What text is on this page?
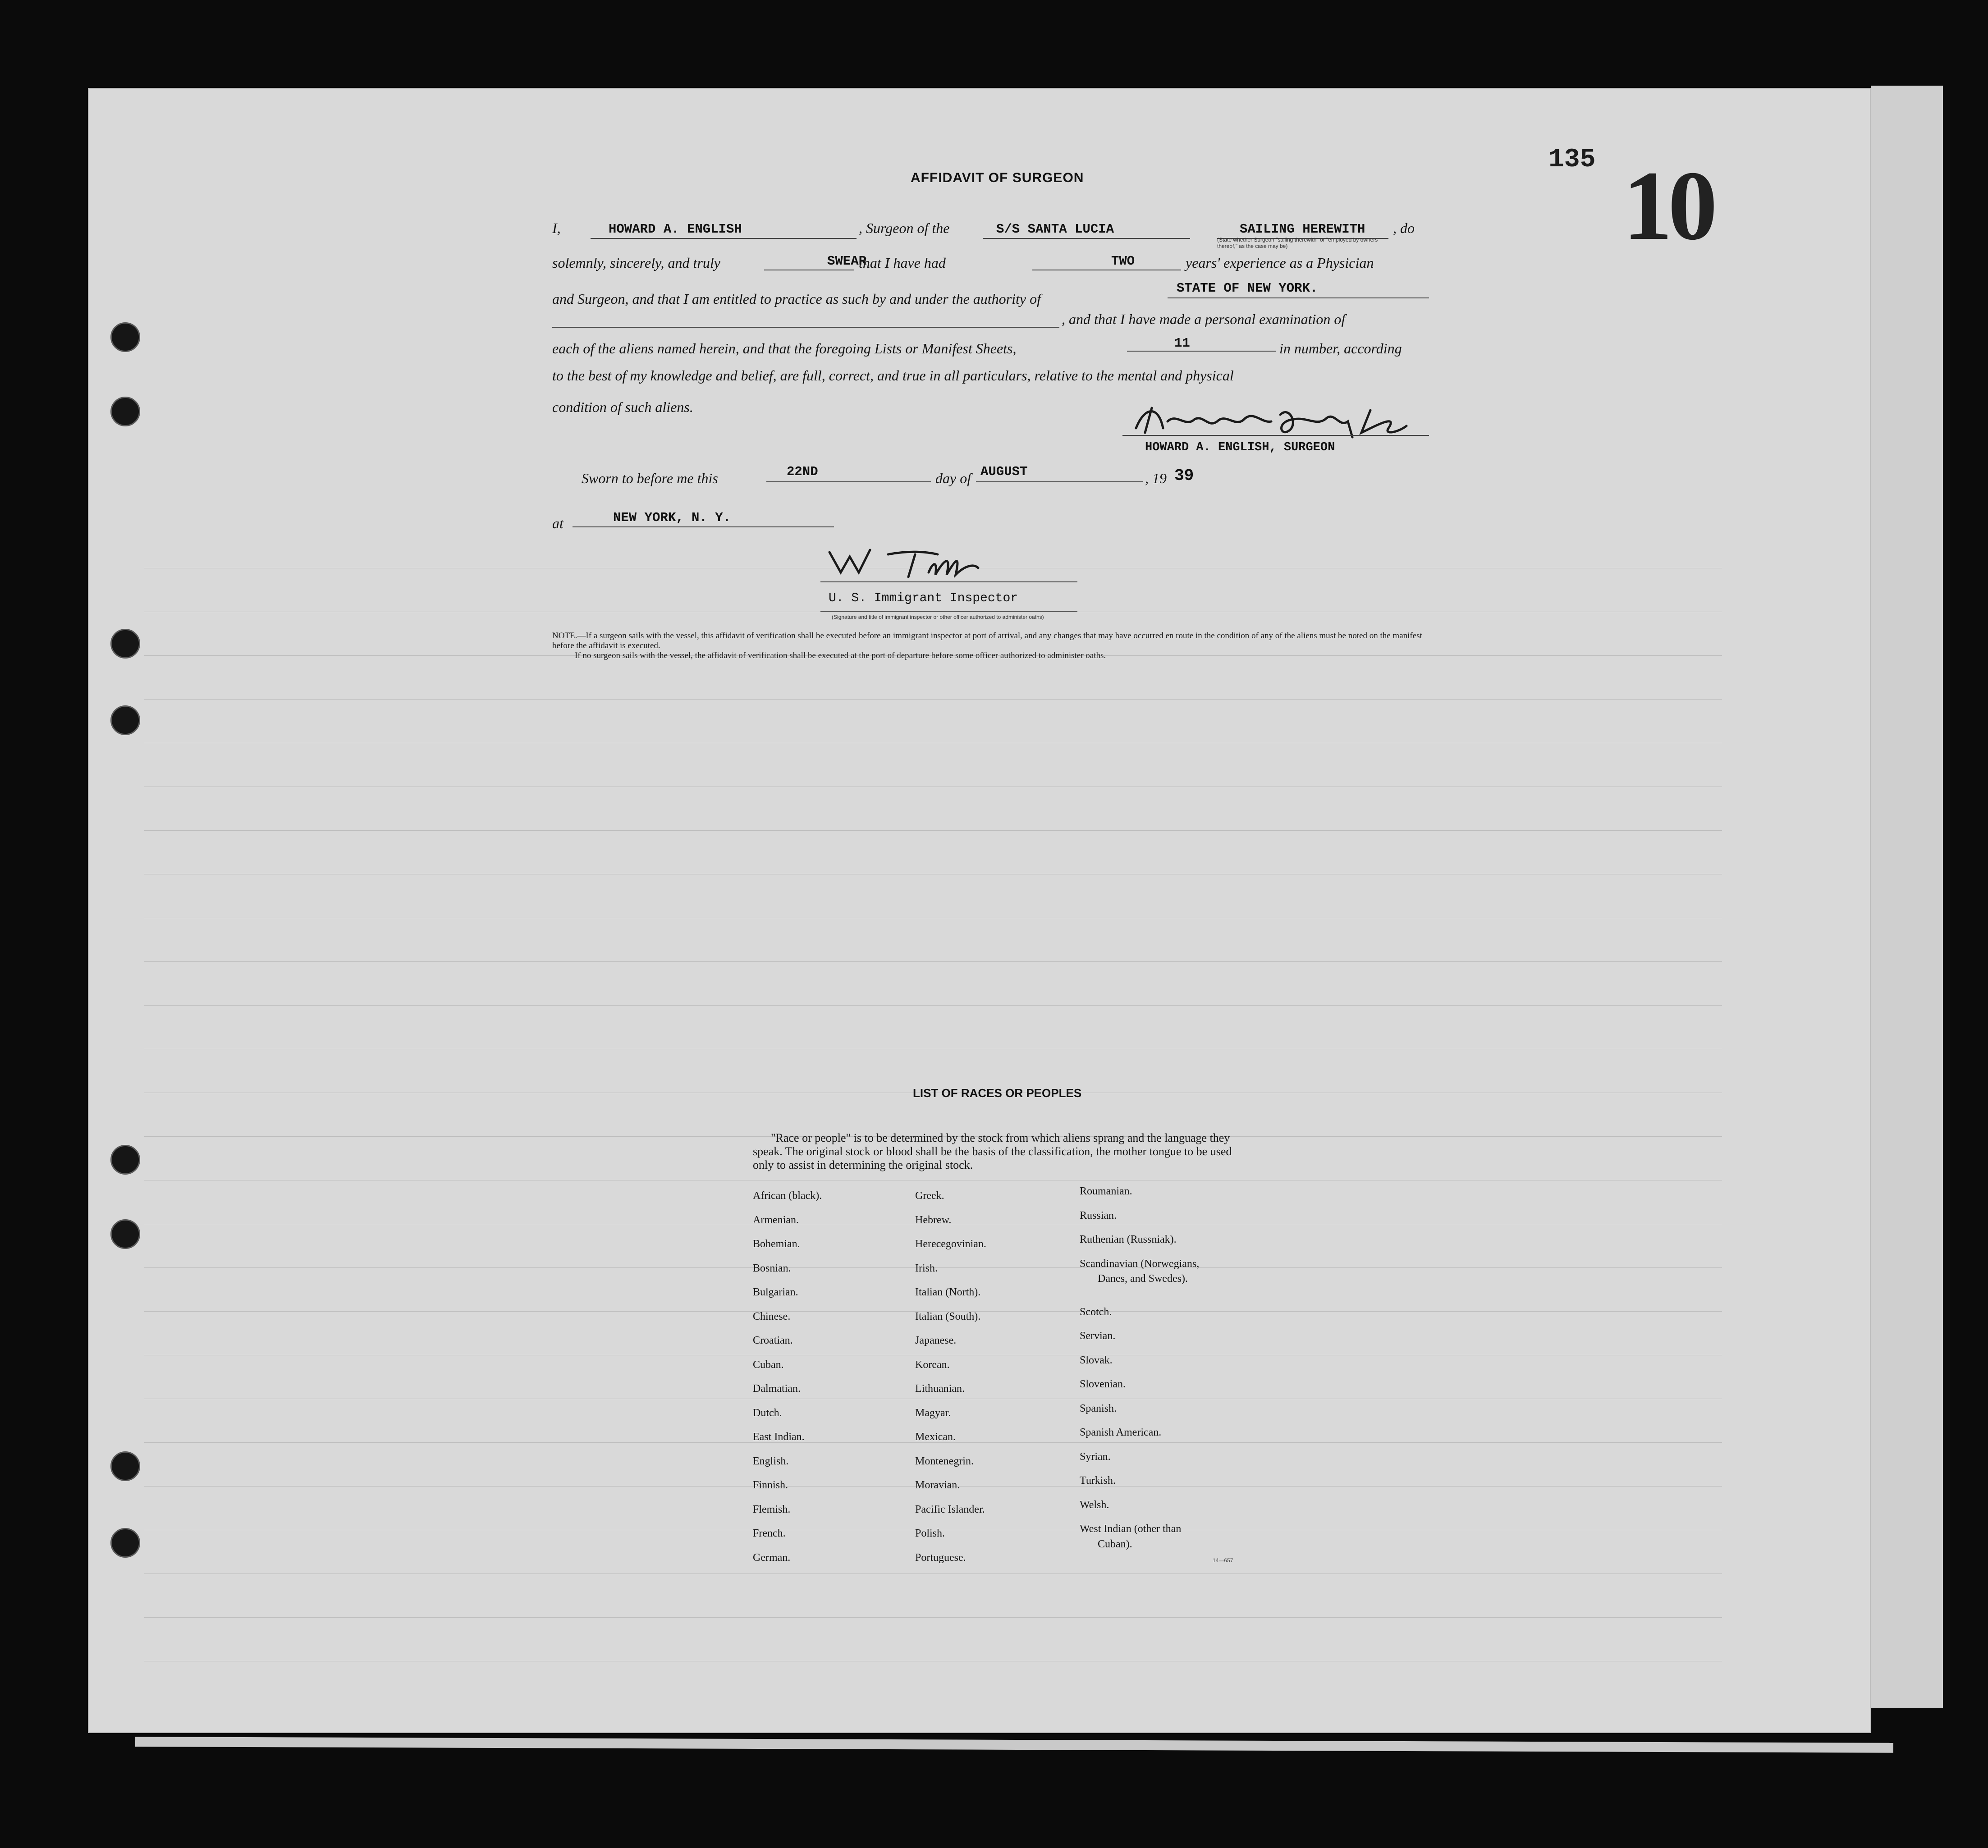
135 10
AFFIDAVIT OF SURGEON
I,	HOWARD A. ENGLISH	, Surgeon of the	S/S SANTA LUCIA	SAILING HEREWITH , do
(State whether Surgeon "sailing therewith" or "employed by owners thereof," as the case may be)
solemnly, sincerely, and truly	SWEAR
that I have had	TWO	years' experience as a Physician
and Surgeon, and that I am entitled to practice as such by and under the authority of
STATE OF NEW YORK.
, and that I have made a personal examination of
each of the aliens named herein, and that the foregoing Lists or Manifest Sheets,	11	in number, according
to the best of my knowledge and belief, are full, correct, and true in all particulars, relative to the mental and physical
condition of such aliens.
HOWARD A. ENGLISH, SURGEON
Sworn to before me this	22ND	day of AUGUST	, 19 39
at	NEW YORK, N. Y.
U. S. Immigrant Inspector
(Signature and title of immigrant inspector or other officer authorized to administer oaths)
NOTE.—If a surgeon sails with the vessel, this affidavit of verification shall be executed before an immigrant inspector at port of arrival, and any changes that may have occurred en route in the condition of any of the aliens must be noted on the manifest before the affidavit is executed.
If no surgeon sails with the vessel, the affidavit of verification shall be executed at the port of departure before some officer authorized to administer oaths.
LIST OF RACES OR PEOPLES
"Race or people" is to be determined by the stock from which aliens sprang and the language they speak. The original stock or blood shall be the basis of the classification, the mother tongue to be used only to assist in determining the original stock.
African (black).
Armenian.
Bohemian.
Bosnian.
Bulgarian.
Chinese.
Croatian.
Cuban.
Dalmatian.
Dutch.
East Indian.
English.
Finnish.
Flemish.
French.
German.
Greek.
Hebrew.
Herecegovinian.
Irish.
Italian (North).
Italian (South).
Japanese.
Korean.
Lithuanian.
Magyar.
Mexican.
Montenegrin.
Moravian.
Pacific Islander.
Polish.
Portuguese.
Roumanian.
Russian.
Ruthenian (Russniak).
Scandinavian (Norwegians,
Danes, and Swedes).
Scotch.
Servian.
Slovak.
Slovenian.
Spanish.
Spanish American.
Syrian.
Turkish.
Welsh.
West Indian (other than
Cuban).
14—657
